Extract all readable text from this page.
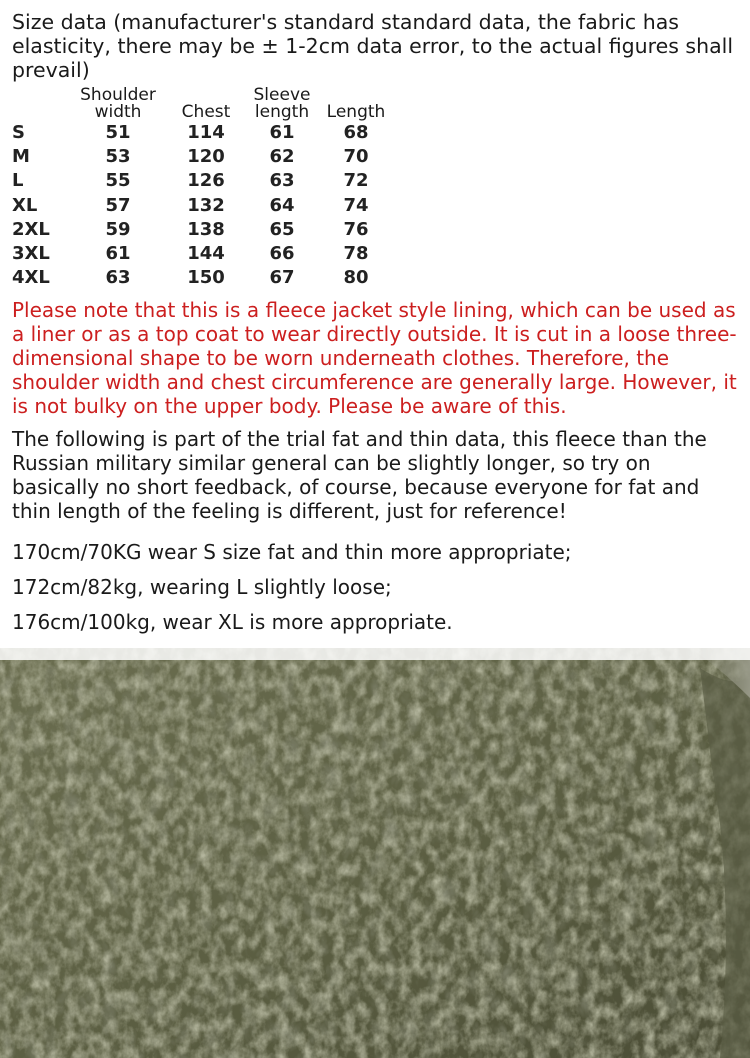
Size data (manufacturer's standard standard data, the fabric has elasticity, there may be ± 1-2cm data error, to the actual figures shall prevail)

	Shoulder width	Chest	Sleeve length	Length
S	51	114	61	68
M	53	120	62	70
L	55	126	63	72
XL	57	132	64	74
2XL	59	138	65	76
3XL	61	144	66	78
4XL	63	150	67	80

Please note that this is a fleece jacket style lining, which can be used as a liner or as a top coat to wear directly outside. It is cut in a loose three-dimensional shape to be worn underneath clothes. Therefore, the shoulder width and chest circumference are generally large. However, it is not bulky on the upper body. Please be aware of this.

The following is part of the trial fat and thin data, this fleece than the Russian military similar general can be slightly longer, so try on basically no short feedback, of course, because everyone for fat and thin length of the feeling is different, just for reference!

170cm/70KG wear S size fat and thin more appropriate;

172cm/82kg, wearing L slightly loose;

176cm/100kg, wear XL is more appropriate.
